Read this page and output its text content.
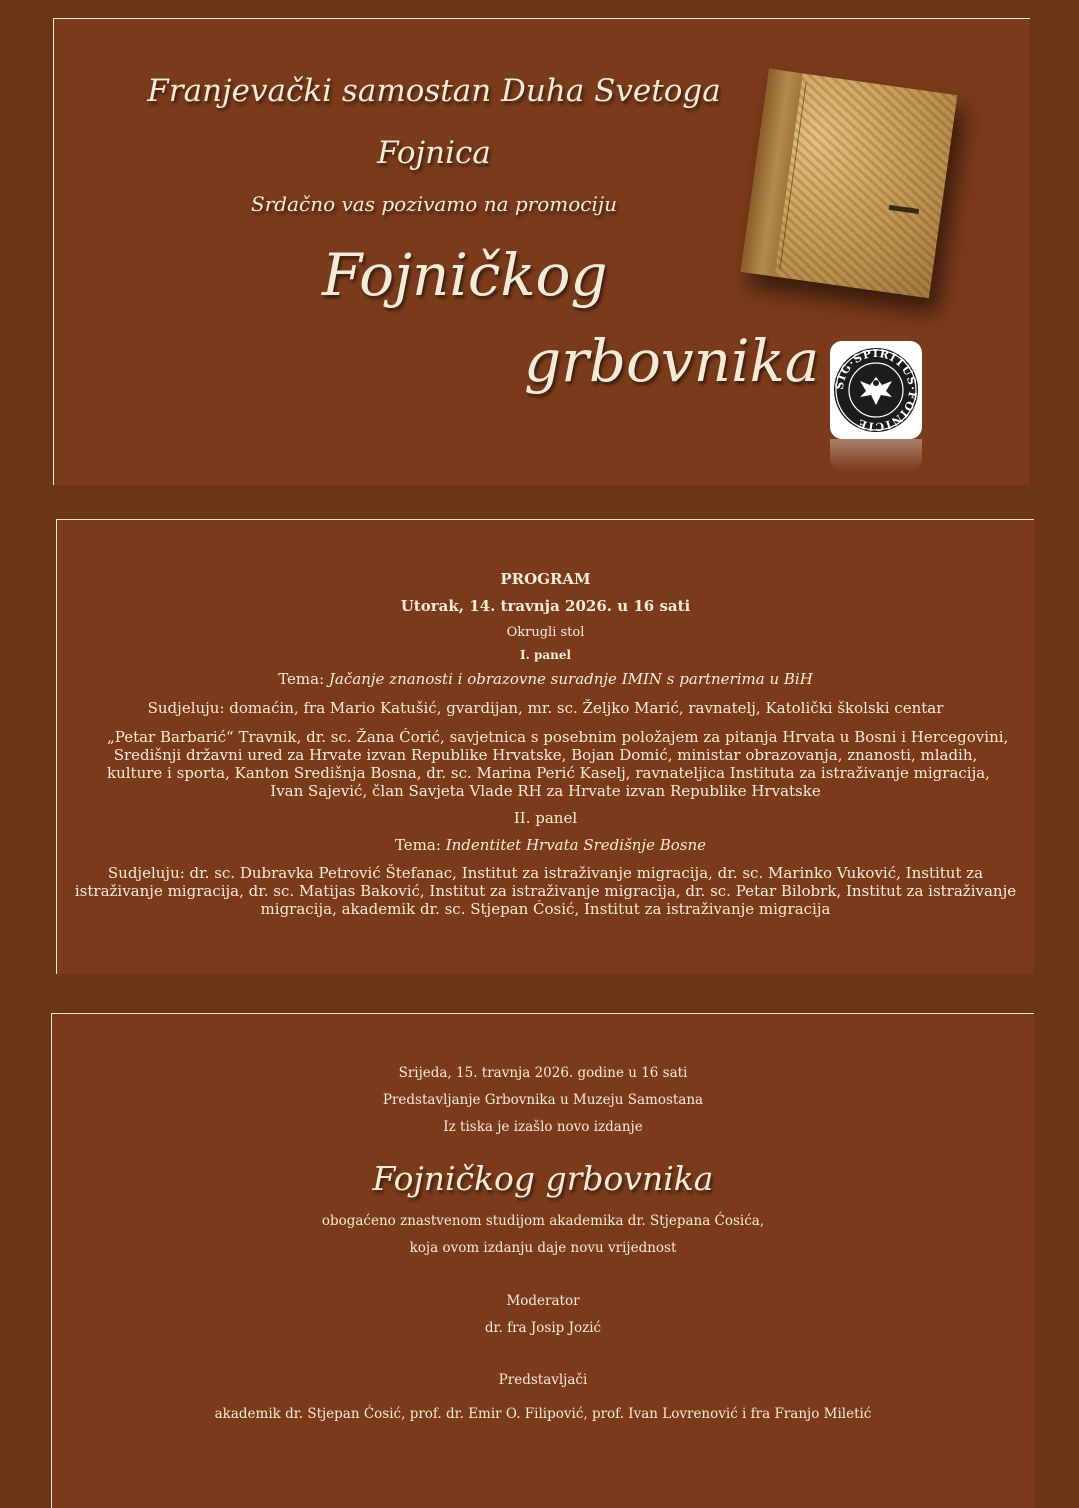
Franjevački samostan Duha Svetoga

Fojnica

Srdačno vas pozivamo na promociju

Fojničkog
grbovnika SIG·SPIRITUS·FOINICIE

PROGRAM

Utorak, 14. travnja 2026. u 16 sati

Okrugli stol

I. panel

Tema: Jačanje znanosti i obrazovne suradnje IMIN s partnerima u BiH

Sudjeluju: domaćin, fra Mario Katušić, gvardijan, mr. sc. Željko Marić, ravnatelj, Katolički školski centar

„Petar Barbarić“ Travnik, dr. sc. Žana Ćorić, savjetnica s posebnim položajem za pitanja Hrvata u Bosni i Hercegovini,
Središnji državni ured za Hrvate izvan Republike Hrvatske, Bojan Domić, ministar obrazovanja, znanosti, mladih,
kulture i sporta, Kanton Središnja Bosna, dr. sc. Marina Perić Kaselj, ravnateljica Instituta za istraživanje migracija,
Ivan Sajević, član Savjeta Vlade RH za Hrvate izvan Republike Hrvatske

II. panel

Tema: Indentitet Hrvata Središnje Bosne

Sudjeluju: dr. sc. Dubravka Petrović Štefanac, Institut za istraživanje migracija, dr. sc. Marinko Vuković, Institut za
istraživanje migracija, dr. sc. Matijas Baković, Institut za istraživanje migracija, dr. sc. Petar Bilobrk, Institut za istraživanje
migracija, akademik dr. sc. Stjepan Ćosić, Institut za istraživanje migracija

Srijeda, 15. travnja 2026. godine u 16 sati

Predstavljanje Grbovnika u Muzeju Samostana

Iz tiska je izašlo novo izdanje

Fojničkog grbovnika

obogaćeno znastvenom studijom akademika dr. Stjepana Ćosića,

koja ovom izdanju daje novu vrijednost

Moderator

dr. fra Josip Jozić

Predstavljači

akademik dr. Stjepan Ćosić, prof. dr. Emir O. Filipović, prof. Ivan Lovrenović i fra Franjo Miletić
